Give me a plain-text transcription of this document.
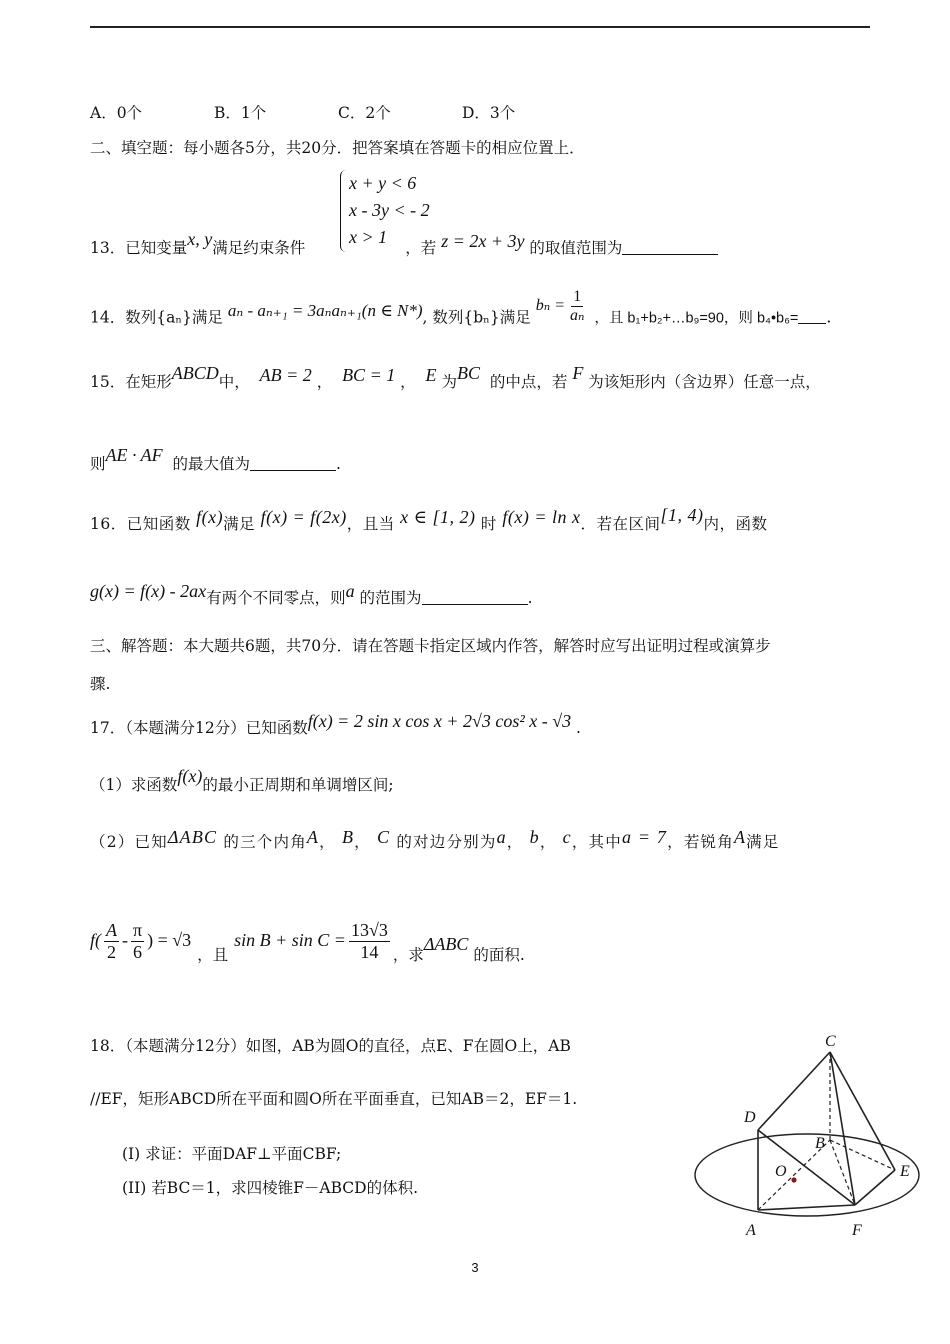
A．0个	B．1个	C．2个	D．3个
二、填空题：每小题各5分，共20分．把答案填在答题卡的相应位置上．
x + y < 6
x - 3y < - 2
x > 1
13．已知变量x, y满足约束条件	，若 z = 2x + 3y 的取值范围为
14．数列{aₙ}满足 aₙ - aₙ₊₁ = 3aₙaₙ₊₁(n ∈ N*), 数列{bₙ}满足
$b_n = \frac{1}{\text{aₙ}}$ ，且 b₁+b₂+…b₉=90，则 b₄•b₆= .
15．在矩形ABCD中， AB = 2 ， BC = 1 ， E 为BC 的中点，若 F 为该矩形内（含边界）任意一点，
则AE · AF 的最大值为	.
16．已知函数 f(x)满足 f(x) = f(2x)，且当 x ∈ [1, 2) 时 f(x) = ln x．若在区间[1, 4)内，函数
g(x) = f(x) - 2ax有两个不同零点，则a 的范围为	.
三、解答题：本大题共6题，共70分．请在答题卡指定区域内作答，解答时应写出证明过程或演算步
骤.
17．（本题满分12分）已知函数f(x) = 2 sin x cos x + 2√3 cos² x - √3 .
（1）求函数f(x)的最小正周期和单调增区间;
（2）已知ΔABC 的三个内角A， B， C 的对边分别为a， b， c，其中a = 7，若锐角A满足
$f( \frac{A}{2} - \frac{\pi}{6}$ ) = √3
，且
$\sin B + \sin C = \frac{13√3}{14}$ ，求
ΔABC

的面积.
18．（本题满分12分）如图，AB为圆O的直径，点E、F在圆O上，AB
//EF，矩形ABCD所在平面和圆O所在平面垂直，已知AB＝2，EF＝1.
(I) 求证：平面DAF⊥平面CBF;
(II) 若BC＝1，求四棱锥F－ABCD的体积.
C
D
B
O	E
A	F
3
